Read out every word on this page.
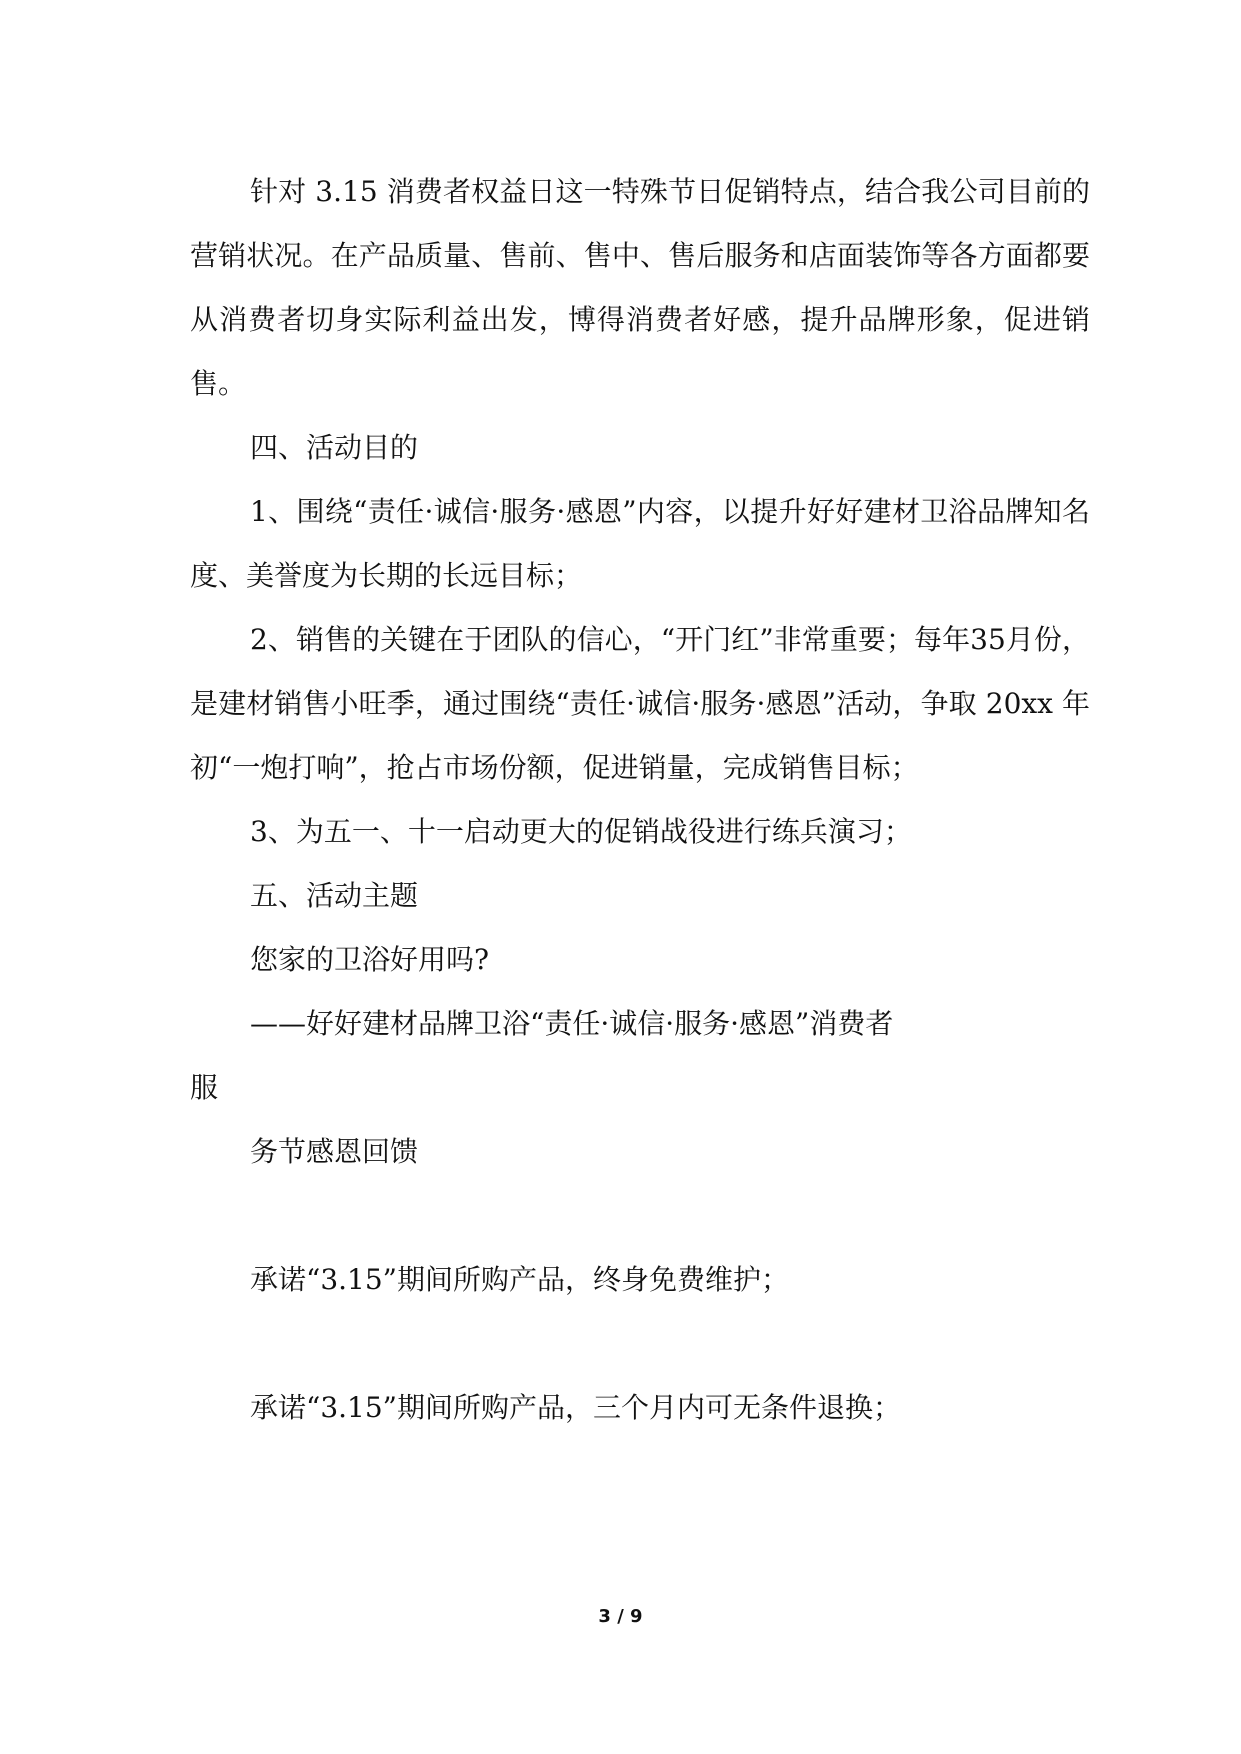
针对 3.15 消费者权益日这一特殊节日促销特点，结合我公司目前的营销状况。在产品质量、售前、售中、售后服务和店面装饰等各方面都要从消费者切身实际利益出发，博得消费者好感，提升品牌形象，促进销售。

四、活动目的

1、围绕“责任·诚信·服务·感恩”内容，以提升好好建材卫浴品牌知名度、美誉度为长期的长远目标；

2、销售的关键在于团队的信心，“开门红”非常重要；每年35月份，是建材销售小旺季，通过围绕“责任·诚信·服务·感恩”活动，争取 20xx 年初“一炮打响”，抢占市场份额，促进销量，完成销售目标；

3、为五一、十一启动更大的促销战役进行练兵演习；

五、活动主题

您家的卫浴好用吗?

——好好建材品牌卫浴“责任·诚信·服务·感恩”消费者

服

务节感恩回馈

承诺“3.15”期间所购产品，终身免费维护；

承诺“3.15”期间所购产品，三个月内可无条件退换；

3 / 9
